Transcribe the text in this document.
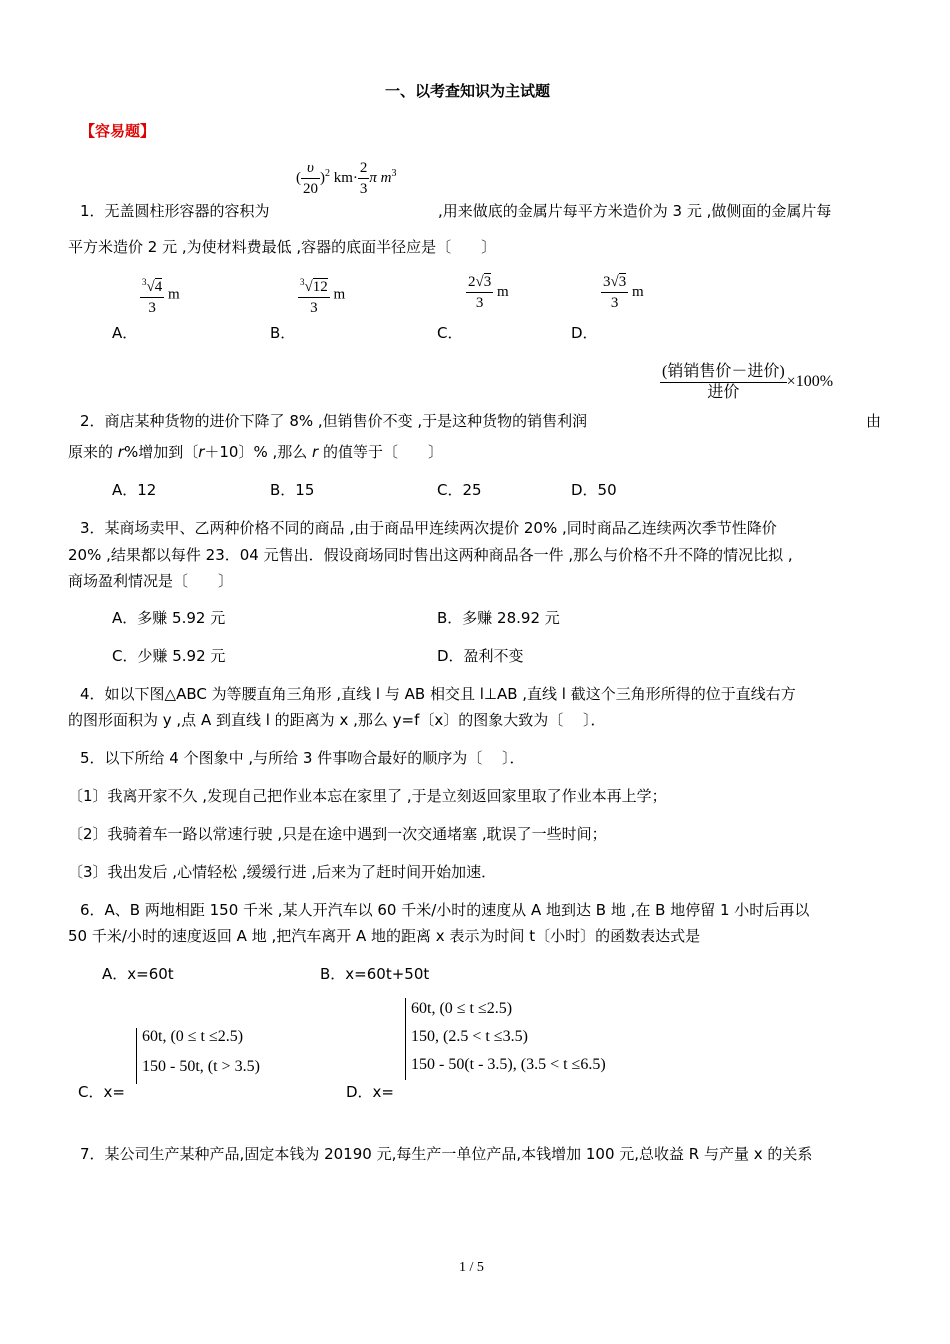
一、以考查知识为主试题
【容易题】
( $\frac{\upsilon}{20} )^2$ $km\cdot \frac{2}{3}$ π $m^3$
1．无盖圆柱形容器的容积为	,用来做底的金属片每平方米造价为 3 元 ,做侧面的金属片每
平方米造价 2 元 ,为使材料费最低 ,容器的底面半径应是〔　　〕
$\frac{^3√4}{3}$ m
A．
$\frac{^3√12}{3}$ m
B．
$\frac{2√3}{3}$ m
C．
$\frac{3√3}{3}$ m
D．
$\frac{\text{(销销售价－进价)}}{\text{进价}} \times 100\%$
2．商店某种货物的进价下降了 8% ,但销售价不变 ,于是这种货物的销售利润	由
原来的 r%增加到〔r＋10〕% ,那么 r 的值等于〔　　〕
A．12	B．15	C．25	D．50
3．某商场卖甲、乙两种价格不同的商品 ,由于商品甲连续两次提价 20% ,同时商品乙连续两次季节性降价
20% ,结果都以每件 23．04 元售出．假设商场同时售出这两种商品各一件 ,那么与价格不升不降的情况比拟 ,
商场盈利情况是〔　　〕
A．多赚 5.92 元	B．多赚 28.92 元
C．少赚 5.92 元	D．盈利不变
4．如以下图△ABC 为等腰直角三角形 ,直线 l 与 AB 相交且 l⊥AB ,直线 l 截这个三角形所得的位于直线右方
的图形面积为 y ,点 A 到直线 l 的距离为 x ,那么 y=f〔x〕的图象大致为〔　 〕．
5．以下所给 4 个图象中 ,与所给 3 件事吻合最好的顺序为〔　 〕．
〔1〕我离开家不久 ,发现自己把作业本忘在家里了 ,于是立刻返回家里取了作业本再上学；
〔2〕我骑着车一路以常速行驶 ,只是在途中遇到一次交通堵塞 ,耽误了一些时间；
〔3〕我出发后 ,心情轻松 ,缓缓行进 ,后来为了赶时间开始加速．
6．A、B 两地相距 150 千米 ,某人开汽车以 60 千米/小时的速度从 A 地到达 B 地 ,在 B 地停留 1 小时后再以
50 千米/小时的速度返回 A 地 ,把汽车离开 A 地的距离 x 表示为时间 t〔小时〕的函数表达式是
A．x=60t	B．x=60t+50t
60t, (0 ≤ t ≤2.5)
150 - 50t, (t > 3.5)
C．x=
60t, (0 ≤ t ≤2.5)
150, (2.5 < t ≤3.5)
150 - 50(t - 3.5), (3.5 < t ≤6.5)
D．x=
7．某公司生产某种产品,固定本钱为 20190 元,每生产一单位产品,本钱增加 100 元,总收益 R 与产量 x 的关系
1 / 5
